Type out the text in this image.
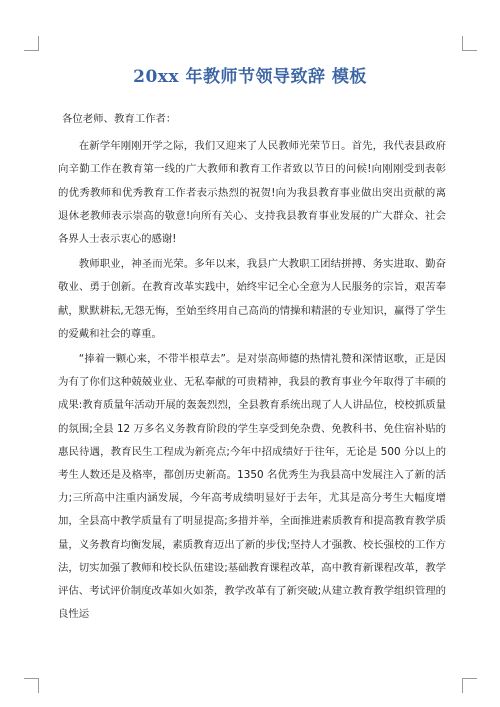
20xx 年教师节领导致辞 模板

各位老师、教育工作者：

在新学年刚刚开学之际，我们又迎来了人民教师光荣节日。首先，我代表县政府向辛勤工作在教育第一线的广大教师和教育工作者致以节日的问候!向刚刚受到表彰的优秀教师和优秀教育工作者表示热烈的祝贺!向为我县教育事业做出突出贡献的离退休老教师表示崇高的敬意!向所有关心、支持我县教育事业发展的广大群众、社会各界人士表示衷心的感谢!

教师职业，神圣而光荣。多年以来，我县广大教职工团结拼搏、务实进取、勤奋敬业、勇于创新。在教育改革实践中，始终牢记全心全意为人民服务的宗旨，艰苦奉献，默默耕耘,无怨无悔，至始至终用自己高尚的情操和精湛的专业知识，赢得了学生的爱戴和社会的尊重。

“捧着一颗心来，不带半根草去”。是对崇高师德的热情礼赞和深情讴歌，正是因为有了你们这种兢兢业业、无私奉献的可贵精神，我县的教育事业今年取得了丰硕的成果:教育质量年活动开展的轰轰烈烈，全县教育系统出现了人人讲品位，校校抓质量的氛围;全县 12 万多名义务教育阶段的学生享受到免杂费、免教科书、免住宿补贴的惠民待遇，教育民生工程成为新亮点;今年中招成绩好于往年，无论是 500 分以上的考生人数还是及格率，都创历史新高。1350 名优秀生为我县高中发展注入了新的活力;三所高中注重内涵发展，今年高考成绩明显好于去年，尤其是高分考生大幅度增加，全县高中教学质量有了明显提高;多措并举，全面推进素质教育和提高教育教学质量，义务教育均衡发展，素质教育迈出了新的步伐;坚持人才强教、校长强校的工作方法，切实加强了教师和校长队伍建设;基础教育课程改革，高中教育新课程改革，教学评估、考试评价制度改革如火如荼，教学改革有了新突破;从建立教育教学组织管理的良性运
